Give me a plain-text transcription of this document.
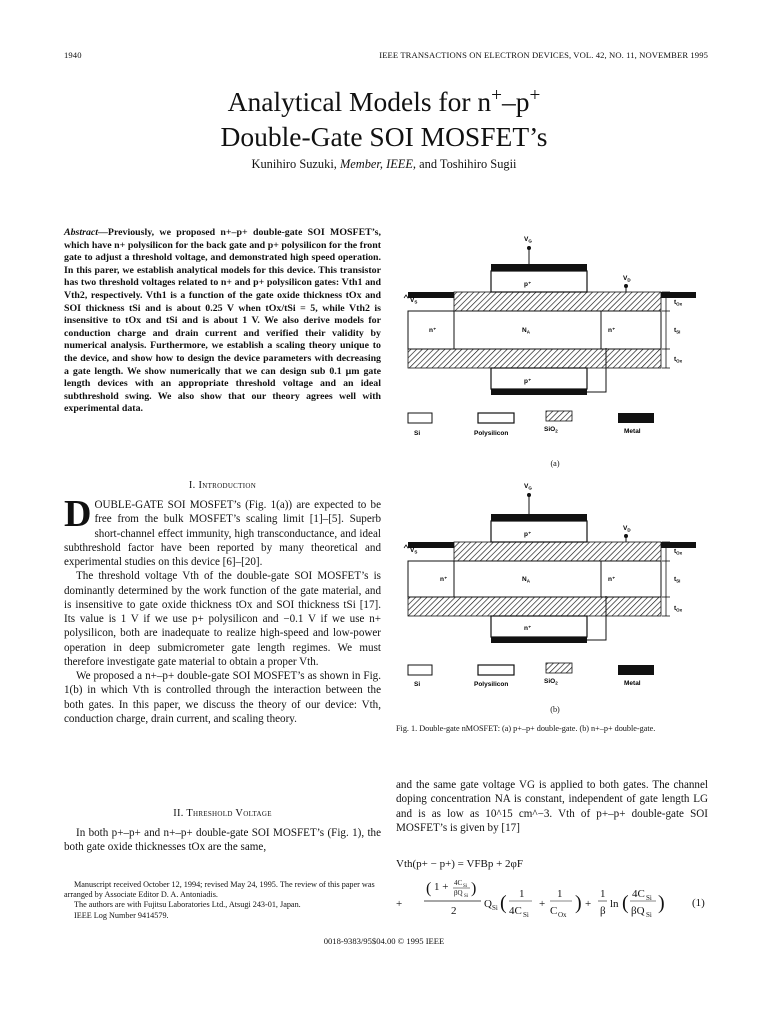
1940	IEEE TRANSACTIONS ON ELECTRON DEVICES, VOL. 42, NO. 11, NOVEMBER 1995
Analytical Models for n+–p+
Double-Gate SOI MOSFET’s
Kunihiro Suzuki, Member, IEEE, and Toshihiro Sugii
Abstract—Previously, we proposed n+–p+ double-gate SOI MOSFET’s, which have n+ polysilicon for the back gate and p+ polysilicon for the front gate to adjust a threshold voltage, and demonstrated high speed operation. In this parer, we establish analytical models for this device. This transistor has two threshold voltages related to n+ and p+ polysilicon gates: Vth1 and Vth2, respectively. Vth1 is a function of the gate oxide thickness tOx and SOI thickness tSi and is about 0.25 V when tOx/tSi = 5, while Vth2 is insensitive to tOx and tSi and is about 1 V. We also derive models for conduction charge and drain current and verified their validity by numerical analysis. Furthermore, we establish a scaling theory unique to the device, and show how to design the device parameters with decreasing a gate length. We show numerically that we can design sub 0.1 μm gate length devices with an appropriate threshold voltage and an ideal subthreshold swing. We also show that our theory agrees well with experimental data.
I. Introduction

DOUBLE-GATE SOI MOSFET’s (Fig. 1(a)) are expected to be free from the bulk MOSFET’s scaling limit [1]–[5]. Superb short-channel effect immunity, high transconductance, and ideal subthreshold factor have been reported by many theoretical and experimental studies on this device [6]–[20].

The threshold voltage Vth of the double-gate SOI MOSFET’s is dominantly determined by the work function of the gate material, and is insensitive to gate oxide thickness tOx and SOI thickness tSi [17]. Its value is 1 V if we use p+ polysilicon and −0.1 V if we use n+ polysilicon, both are inadequate to realize high-speed and low-power operation in deep submicrometer gate length regimes. We must therefore investigate gate material to obtain a proper Vth.

We proposed a n+–p+ double-gate SOI MOSFET’s as shown in Fig. 1(b) in which Vth is controlled through the interaction between the both gates. In this paper, we discuss the theory of our device: Vth, conduction charge, drain current, and scaling theory.

II. Threshold Voltage

In both p+–p+ and n+–p+ double-gate SOI MOSFET’s (Fig. 1), the both gate oxide thicknesses tOx are the same,

Manuscript received October 12, 1994; revised May 24, 1995. The review of this paper was arranged by Associate Editor D. A. Antoniadis.

The authors are with Fujitsu Laboratories Ltd., Atsugi 243-01, Japan.

IEEE Log Number 9414579.

$V_G$
p⁺
$V_S$
$V_D$
n⁺	$N_A$	n⁺
p⁺
$t_{Ox}$
$t_{Si}$
$t_{Ox}$
Si	Polysilicon
SiO$_2$	Metal
(a)
$V_G$
p⁺
$V_S$
$V_D$
n⁺	$N_A$	n⁺
n⁺
$t_{Ox}$
$t_{Si}$
$t_{Ox}$
Si	Polysilicon	SiO$_2$	Metal
(b)
Fig. 1. Double-gate nMOSFET: (a) p+–p+ double-gate. (b) n+–p+ double-gate.

and the same gate voltage VG is applied to both gates. The channel doping concentration NA is constant, independent of gate length LG and is as low as 10^15 cm^−3. Vth of p+–p+ double-gate SOI MOSFET’s is given by [17]

Vth(p+ − p+) = VFBp + 2φF
+
( 1 + 4C Si
βQ Si )
2
Q Si ( 1
4C Si
+
1
C Ox
) +
1
β
ln ( 4C Si
βQ Si
) (1)
0018-9383/95$04.00 © 1995 IEEE
